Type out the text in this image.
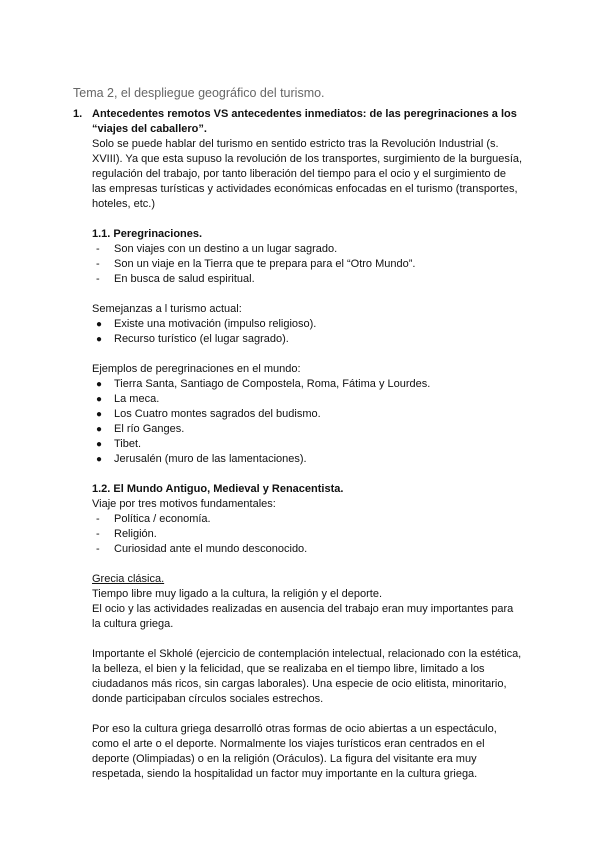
Tema 2, el despliegue geográfico del turismo.
1. Antecedentes remotos VS antecedentes inmediatos: de las peregrinaciones a los “viajes del caballero”.
Solo se puede hablar del turismo en sentido estricto tras la Revolución Industrial (s.
XVIII). Ya que esta supuso la revolución de los transportes, surgimiento de la burguesía,
regulación del trabajo, por tanto liberación del tiempo para el ocio y el surgimiento de
las empresas turísticas y actividades económicas enfocadas en el turismo (transportes,
hoteles, etc.)
1.1. Peregrinaciones.
-	Son viajes con un destino a un lugar sagrado.
-	Son un viaje en la Tierra que te prepara para el “Otro Mundo”.
-	En busca de salud espiritual.
Semejanzas a l turismo actual:
●	Existe una motivación (impulso religioso).
●	Recurso turístico (el lugar sagrado).
Ejemplos de peregrinaciones en el mundo:
●	Tierra Santa, Santiago de Compostela, Roma, Fátima y Lourdes.
●	La meca.
●	Los Cuatro montes sagrados del budismo.
●	El río Ganges.
●	Tibet.
●	Jerusalén (muro de las lamentaciones).
1.2. El Mundo Antiguo, Medieval y Renacentista.
Viaje por tres motivos fundamentales:
-	Política / economía.
-	Religión.
-	Curiosidad ante el mundo desconocido.
Grecia clásica.
Tiempo libre muy ligado a la cultura, la religión y el deporte.
El ocio y las actividades realizadas en ausencia del trabajo eran muy importantes para
la cultura griega.
Importante el Skholé (ejercicio de contemplación intelectual, relacionado con la estética,
la belleza, el bien y la felicidad, que se realizaba en el tiempo libre, limitado a los
ciudadanos más ricos, sin cargas laborales). Una especie de ocio elitista, minoritario,
donde participaban círculos sociales estrechos.
Por eso la cultura griega desarrolló otras formas de ocio abiertas a un espectáculo,
como el arte o el deporte. Normalmente los viajes turísticos eran centrados en el
deporte (Olimpiadas) o en la religión (Oráculos). La figura del visitante era muy
respetada, siendo la hospitalidad un factor muy importante en la cultura griega.
